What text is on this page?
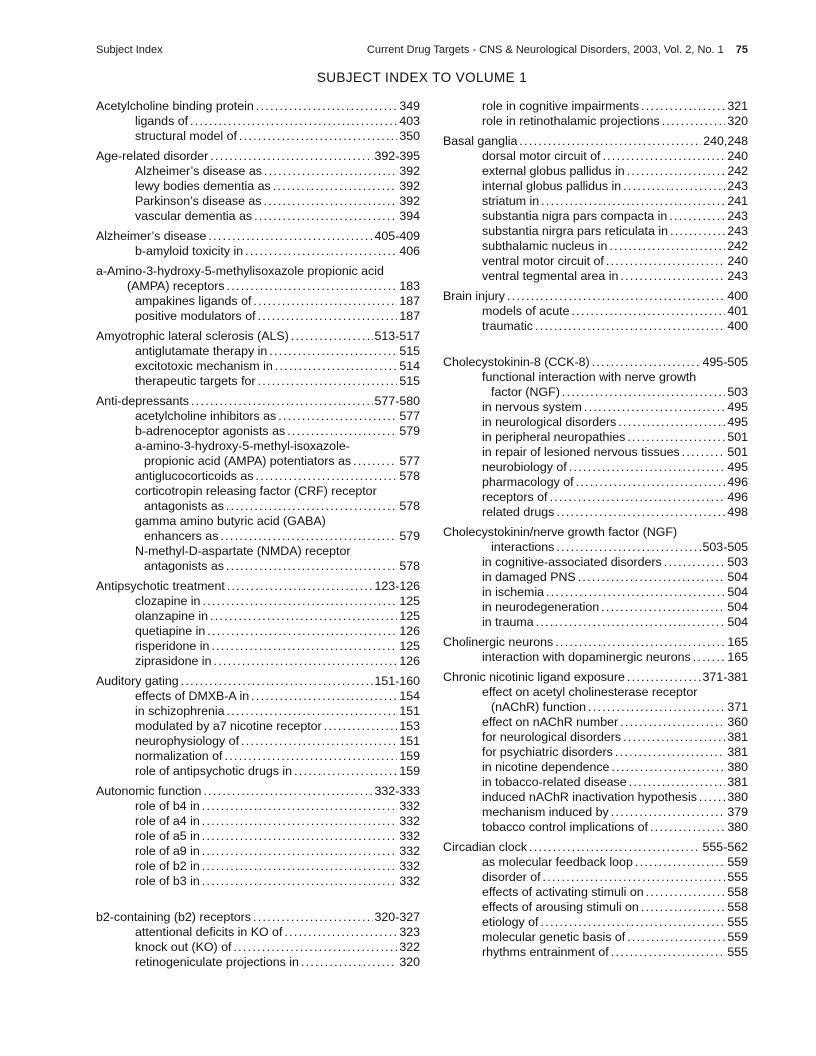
Subject Index	Current Drug Targets - CNS & Neurological Disorders, 2003, Vol. 2, No. 1 75
SUBJECT INDEX TO VOLUME 1
Acetylcholine binding protein .....	349
ligands of .....	403
structural model of .....	350
Age-related disorder .....	392-395
Alzheimer’s disease as .....	392
lewy bodies dementia as .....	392
Parkinson’s disease as .....	392
vascular dementia as .....	394
Alzheimer’s disease .....	405-409
b-amyloid toxicity in .....	406
a-Amino-3-hydroxy-5-methylisoxazole propionic acid
(AMPA) receptors .....	183
ampakines ligands of .....	187
positive modulators of .....	187
Amyotrophic lateral sclerosis (ALS) .....	513-517
antiglutamate therapy in .....	515
excitotoxic mechanism in .....	514
therapeutic targets for .....	515
Anti-depressants .....	577-580
acetylcholine inhibitors as .....	577
b-adrenoceptor agonists as .....	579
a-amino-3-hydroxy-5-methyl-isoxazole-
propionic acid (AMPA) potentiators as .....	577
antiglucocorticoids as .....	578
corticotropin releasing factor (CRF) receptor
antagonists as .....	578
gamma amino butyric acid (GABA)
enhancers as .....	579
N-methyl-D-aspartate (NMDA) receptor
antagonists as .....	578
Antipsychotic treatment .....	123-126
clozapine in .....	125
olanzapine in .....	125
quetiapine in .....	126
risperidone in .....	125
ziprasidone in .....	126
Auditory gating .....	151-160
effects of DMXB-A in .....	154
in schizophrenia .....	151
modulated by a7 nicotine receptor .....	153
neurophysiology of .....	151
normalization of .....	159
role of antipsychotic drugs in .....	159
Autonomic function .....	332-333
role of b4 in .....	332
role of a4 in .....	332
role of a5 in .....	332
role of a9 in .....	332
role of b2 in .....	332
role of b3 in .....	332
b2-containing (b2) receptors .....	320-327
attentional deficits in KO of .....	323
knock out (KO) of .....	322
retinogeniculate projections in .....	320
role in cognitive impairments .....	321
role in retinothalamic projections .....	320
Basal ganglia .....	240,248
dorsal motor circuit of .....	240
external globus pallidus in .....	242
internal globus pallidus in .....	243
striatum in .....	241
substantia nigra pars compacta in .....	243
substantia nirgra pars reticulata in .....	243
subthalamic nucleus in .....	242
ventral motor circuit of .....	240
ventral tegmental area in .....	243
Brain injury .....	400
models of acute .....	401
traumatic .....	400
Cholecystokinin-8 (CCK-8) .....	495-505
functional interaction with nerve growth
factor (NGF) .....	503
in nervous system .....	495
in neurological disorders .....	495
in peripheral neuropathies .....	501
in repair of lesioned nervous tissues .....	501
neurobiology of .....	495
pharmacology of .....	496
receptors of .....	496
related drugs .....	498
Cholecystokinin/nerve growth factor (NGF)
interactions .....	503-505
in cognitive-associated disorders .....	503
in damaged PNS .....	504
in ischemia .....	504
in neurodegeneration .....	504
in trauma .....	504
Cholinergic neurons .....	165
interaction with dopaminergic neurons .....	165
Chronic nicotinic ligand exposure .....	371-381
effect on acetyl cholinesterase receptor
(nAChR) function .....	371
effect on nAChR number .....	360
for neurological disorders .....	381
for psychiatric disorders .....	381
in nicotine dependence .....	380
in tobacco-related disease .....	381
induced nAChR inactivation hypothesis ..... 380
mechanism induced by .....	379
tobacco control implications of .....	380
Circadian clock .....	555-562
as molecular feedback loop .....	559
disorder of .....	555
effects of activating stimuli on .....	558
effects of arousing stimuli on .....	558
etiology of .....	555
molecular genetic basis of .....	559
rhythms entrainment of .....	555
